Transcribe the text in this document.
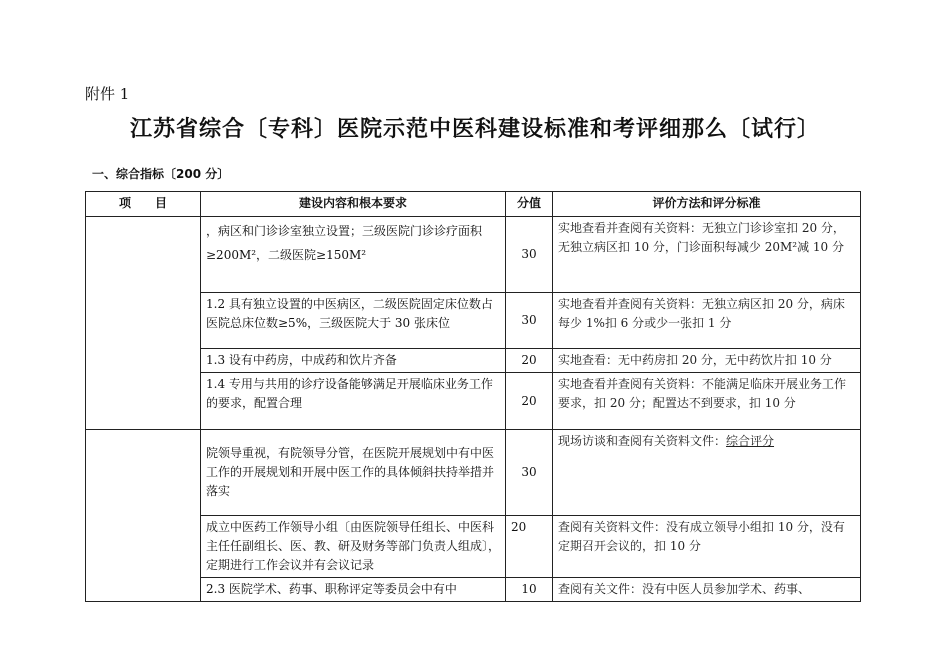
附件 1
江苏省综合〔专科〕医院示范中医科建设标准和考评细那么〔试行〕
一、综合指标〔200 分〕
项　　目	建设内容和根本要求	分值	评价方法和评分标准
	，病区和门诊诊室独立设置；三级医院门诊诊疗面积≥200M²，二级医院≥150M²	30	实地查看并查阅有关资料：无独立门诊诊室扣 20 分，无独立病区扣 10 分，门诊面积每减少 20M²减 10 分
	1.2 具有独立设置的中医病区，二级医院固定床位数占医院总床位数≥5%，三级医院大于 30 张床位	30	实地查看并查阅有关资料：无独立病区扣 20 分，病床每少 1%扣 6 分或少一张扣 1 分
	1.3 设有中药房，中成药和饮片齐备	20	实地查看：无中药房扣 20 分，无中药饮片扣 10 分
	1.4 专用与共用的诊疗设备能够满足开展临床业务工作的要求，配置合理	20	实地查看并查阅有关资料：不能满足临床开展业务工作要求，扣 20 分；配置达不到要求，扣 10 分
	院领导重视，有院领导分管，在医院开展规划中有中医工作的开展规划和开展中医工作的具体倾斜扶持举措并落实	30	现场访谈和查阅有关资料文件：综合评分
	成立中医药工作领导小组〔由医院领导任组长、中医科主任任副组长、医、教、研及财务等部门负责人组成〕，定期进行工作会议并有会议记录	20	查阅有关资料文件：没有成立领导小组扣 10 分，没有定期召开会议的，扣 10 分
	2.3 医院学术、药事、职称评定等委员会中有中	10	查阅有关文件：没有中医人员参加学术、药事、
